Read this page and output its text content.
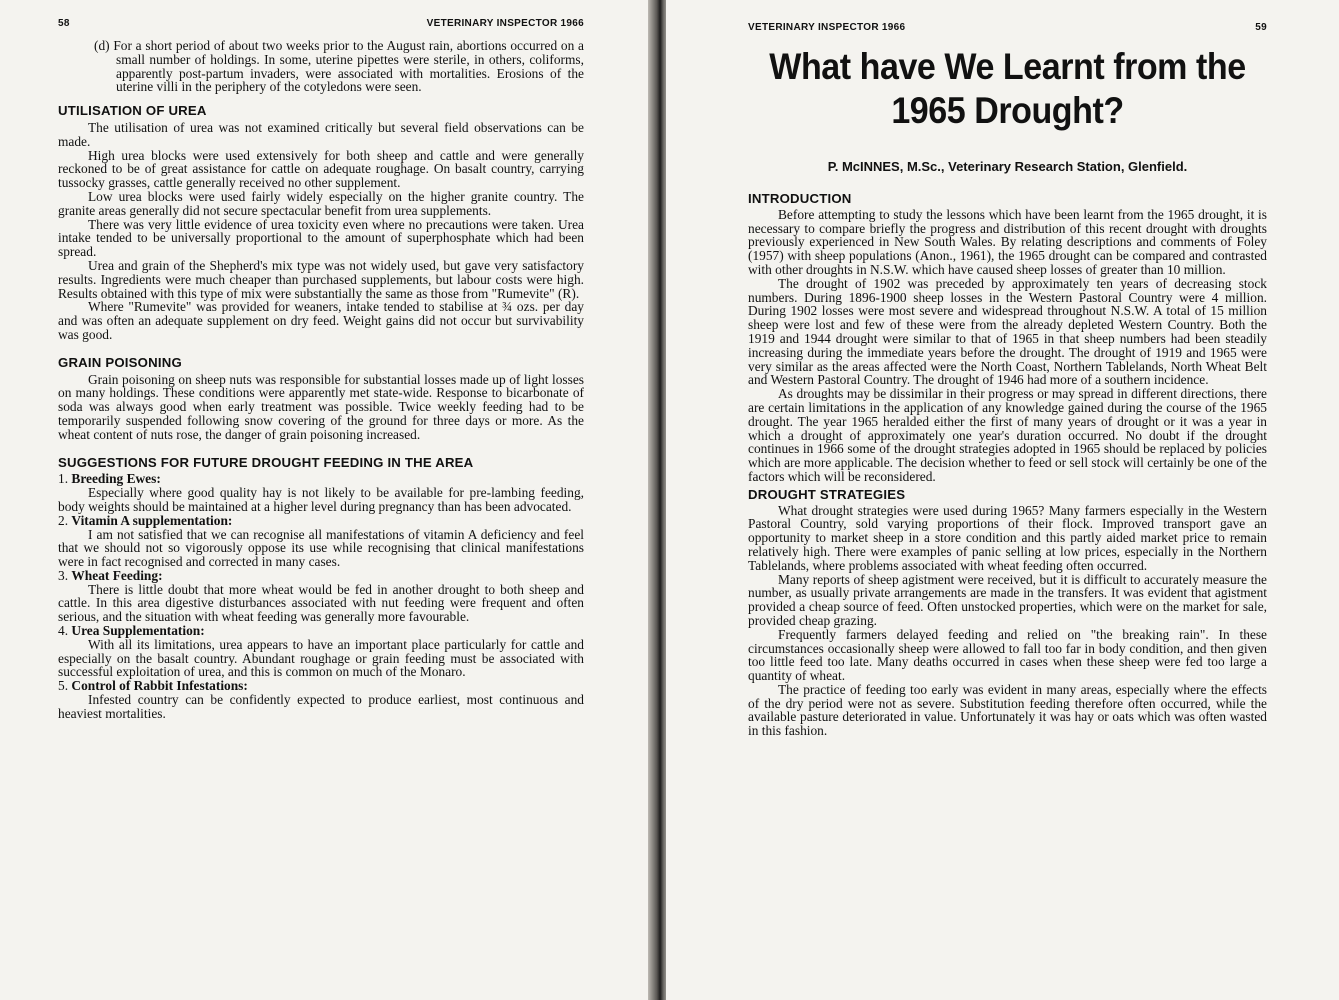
58	VETERINARY INSPECTOR 1966

(d) For a short period of about two weeks prior to the August rain, abortions occurred on a small number of holdings. In some, uterine pipettes were sterile, in others, coliforms, apparently post-partum invaders, were associated with mortalities. Erosions of the uterine villi in the periphery of the cotyledons were seen.

UTILISATION OF UREA

The utilisation of urea was not examined critically but several field observations can be made.

High urea blocks were used extensively for both sheep and cattle and were generally reckoned to be of great assistance for cattle on adequate roughage. On basalt country, carrying tussocky grasses, cattle generally received no other supplement.

Low urea blocks were used fairly widely especially on the higher granite country. The granite areas generally did not secure spectacular benefit from urea supplements.

There was very little evidence of urea toxicity even where no precautions were taken. Urea intake tended to be universally proportional to the amount of superphosphate which had been spread.

Urea and grain of the Shepherd's mix type was not widely used, but gave very satisfactory results. Ingredients were much cheaper than purchased supplements, but labour costs were high. Results obtained with this type of mix were substantially the same as those from "Rumevite" (R).

Where "Rumevite" was provided for weaners, intake tended to stabilise at ¾ ozs. per day and was often an adequate supplement on dry feed. Weight gains did not occur but survivability was good.

GRAIN POISONING

Grain poisoning on sheep nuts was responsible for substantial losses made up of light losses on many holdings. These conditions were apparently met state-wide. Response to bicarbonate of soda was always good when early treatment was possible. Twice weekly feeding had to be temporarily suspended following snow covering of the ground for three days or more. As the wheat content of nuts rose, the danger of grain poisoning increased.

SUGGESTIONS FOR FUTURE DROUGHT FEEDING IN THE AREA

1. Breeding Ewes:

Especially where good quality hay is not likely to be available for pre-lambing feeding, body weights should be maintained at a higher level during pregnancy than has been advocated.

2. Vitamin A supplementation:

I am not satisfied that we can recognise all manifestations of vitamin A deficiency and feel that we should not so vigorously oppose its use while recognising that clinical manifestations were in fact recognised and corrected in many cases.

3. Wheat Feeding:

There is little doubt that more wheat would be fed in another drought to both sheep and cattle. In this area digestive disturbances associated with nut feeding were frequent and often serious, and the situation with wheat feeding was generally more favourable.

4. Urea Supplementation:

With all its limitations, urea appears to have an important place particularly for cattle and especially on the basalt country. Abundant roughage or grain feeding must be associated with successful exploitation of urea, and this is common on much of the Monaro.

5. Control of Rabbit Infestations:

Infested country can be confidently expected to produce earliest, most continuous and heaviest mortalities.

VETERINARY INSPECTOR 1966	59
What have We Learnt from the
1965 Drought?
P. McINNES, M.Sc., Veterinary Research Station, Glenfield.
INTRODUCTION

Before attempting to study the lessons which have been learnt from the 1965 drought, it is necessary to compare briefly the progress and distribution of this recent drought with droughts previously experienced in New South Wales. By relating descriptions and comments of Foley (1957) with sheep populations (Anon., 1961), the 1965 drought can be compared and contrasted with other droughts in N.S.W. which have caused sheep losses of greater than 10 million.

The drought of 1902 was preceded by approximately ten years of decreasing stock numbers. During 1896-1900 sheep losses in the Western Pastoral Country were 4 million. During 1902 losses were most severe and widespread throughout N.S.W. A total of 15 million sheep were lost and few of these were from the already depleted Western Country. Both the 1919 and 1944 drought were similar to that of 1965 in that sheep numbers had been steadily increasing during the immediate years before the drought. The drought of 1919 and 1965 were very similar as the areas affected were the North Coast, Northern Tablelands, North Wheat Belt and Western Pastoral Country. The drought of 1946 had more of a southern incidence.

As droughts may be dissimilar in their progress or may spread in different directions, there are certain limitations in the application of any knowledge gained during the course of the 1965 drought. The year 1965 heralded either the first of many years of drought or it was a year in which a drought of approximately one year's duration occurred. No doubt if the drought continues in 1966 some of the drought strategies adopted in 1965 should be replaced by policies which are more applicable. The decision whether to feed or sell stock will certainly be one of the factors which will be reconsidered.

DROUGHT STRATEGIES

What drought strategies were used during 1965? Many farmers especially in the Western Pastoral Country, sold varying proportions of their flock. Improved transport gave an opportunity to market sheep in a store condition and this partly aided market price to remain relatively high. There were examples of panic selling at low prices, especially in the Northern Tablelands, where problems associated with wheat feeding often occurred.

Many reports of sheep agistment were received, but it is difficult to accurately measure the number, as usually private arrangements are made in the transfers. It was evident that agistment provided a cheap source of feed. Often unstocked properties, which were on the market for sale, provided cheap grazing.

Frequently farmers delayed feeding and relied on "the breaking rain". In these circumstances occasionally sheep were allowed to fall too far in body condition, and then given too little feed too late. Many deaths occurred in cases when these sheep were fed too large a quantity of wheat.

The practice of feeding too early was evident in many areas, especially where the effects of the dry period were not as severe. Substitution feeding therefore often occurred, while the available pasture deteriorated in value. Unfortunately it was hay or oats which was often wasted in this fashion.
